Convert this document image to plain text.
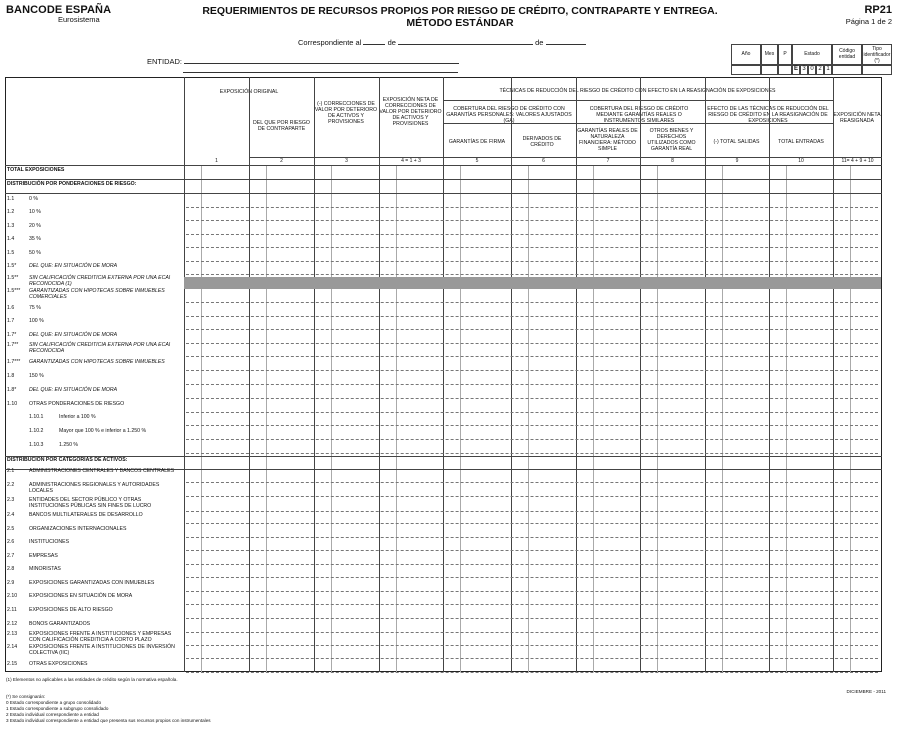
BANCODE ESPAÑA
Eurosistema
REQUERIMIENTOS DE RECURSOS PROPIOS POR RIESGO DE CRÉDITO, CONTRAPARTE Y ENTREGA.
MÉTODO ESTÁNDAR
RP21
Página 1 de 2
Correspondiente al	de	de
ENTIDAD:
Año	Mes	P	Estado	Código entidad
Tipo identificador (*)
E 3 0 2 1
EXPOSICIÓN ORIGINAL
DEL QUE POR RIESGO DE CONTRAPARTE
(-) CORRECCIONES DE VALOR POR DETERIORO DE ACTIVOS Y PROVISIONES
EXPOSICIÓN NETA DE CORRECCIONES DE VALOR POR DETERIORO DE ACTIVOS Y PROVISIONES
TÉCNICAS DE REDUCCIÓN DEL RIESGO DE CRÉDITO CON EFECTO EN LA REASIGNACIÓN DE EXPOSICIONES
COBERTURA DEL RIESGO DE CRÉDITO CON GARANTÍAS PERSONALES: VALORES AJUSTADOS (GA)
GARANTÍAS DE FIRMA	DERIVADOS DE CRÉDITO
COBERTURA DEL RIESGO DE CRÉDITO MEDIANTE GARANTÍAS REALES O INSTRUMENTOS SIMILARES
GARANTÍAS REALES DE NATURALEZA FINANCIERA: MÉTODO SIMPLE
OTROS BIENES Y DERECHOS UTILIZADOS COMO GARANTÍA REAL
EFECTO DE LAS TÉCNICAS DE REDUCCIÓN DEL RIESGO DE CRÉDITO EN LA REASIGNACIÓN DE EXPOSICIONES
(-) TOTAL SALIDAS	TOTAL ENTRADAS
EXPOSICIÓN NETA REASIGNADA
1	2	3	4 = 1 + 3	5	6	7	8	9	10	11= 4 + 9 + 10
TOTAL EXPOSICIONES
DISTRIBUCIÓN POR PONDERACIONES DE RIESGO:
1.1	0 %
1.2	10 %
1.3	20 %
1.4	35 %
1.5	50 %
1.5* DEL QUE: EN SITUACIÓN DE MORA
1.5** SIN CALIFICACIÓN CREDITICIA EXTERNA POR UNA ECAI RECONOCIDA (1)
1.5*** GARANTIZADAS CON HIPOTECAS SOBRE INMUEBLES COMERCIALES
1.6	75 %
1.7	100 %
1.7* DEL QUE: EN SITUACIÓN DE MORA
1.7** SIN CALIFICACIÓN CREDITICIA EXTERNA POR UNA ECAI RECONOCIDA
1.7*** GARANTIZADAS CON HIPOTECAS SOBRE INMUEBLES
1.8	150 %
1.8* DEL QUE: EN SITUACIÓN DE MORA
1.10 OTRAS PONDERACIONES DE RIESGO
1.10.1	Inferior a 100 %
1.10.2	Mayor que 100 % e inferior a 1.250 %
1.10.3	1.250 %
DISTRIBUCIÓN POR CATEGORÍAS DE ACTIVOS:
2.1	ADMINISTRACIONES CENTRALES Y BANCOS CENTRALES
2.2	ADMINISTRACIONES REGIONALES Y AUTORIDADES LOCALES
2.3	ENTIDADES DEL SECTOR PÚBLICO Y OTRAS INSTITUCIONES PÚBLICAS SIN FINES DE LUCRO
2.4	BANCOS MULTILATERALES DE DESARROLLO
2.5	ORGANIZACIONES INTERNACIONALES
2.6	INSTITUCIONES
2.7	EMPRESAS
2.8	MINORISTAS
2.9	EXPOSICIONES GARANTIZADAS CON INMUEBLES
2.10 EXPOSICIONES EN SITUACIÓN DE MORA
2.11 EXPOSICIONES DE ALTO RIESGO
2.12 BONOS GARANTIZADOS
2.13 EXPOSICIONES FRENTE A INSTITUCIONES Y EMPRESAS CON CALIFICACIÓN CREDITICIA A CORTO PLAZO
2.14 EXPOSICIONES FRENTE A INSTITUCIONES DE INVERSIÓN COLECTIVA (IIC)
2.15 OTRAS EXPOSICIONES
(1) Elementos no aplicables a las entidades de crédito según la normativa española.
DICIEMBRE - 2011
(*) Se consignarán:
0 Estado correspondiente a grupo consolidado
1 Estado correspondiente a subgrupo consolidado
2 Estado individual correspondiente a entidad
3 Estado individual correspondiente a entidad que presenta sus recursos propios con instrumentales
